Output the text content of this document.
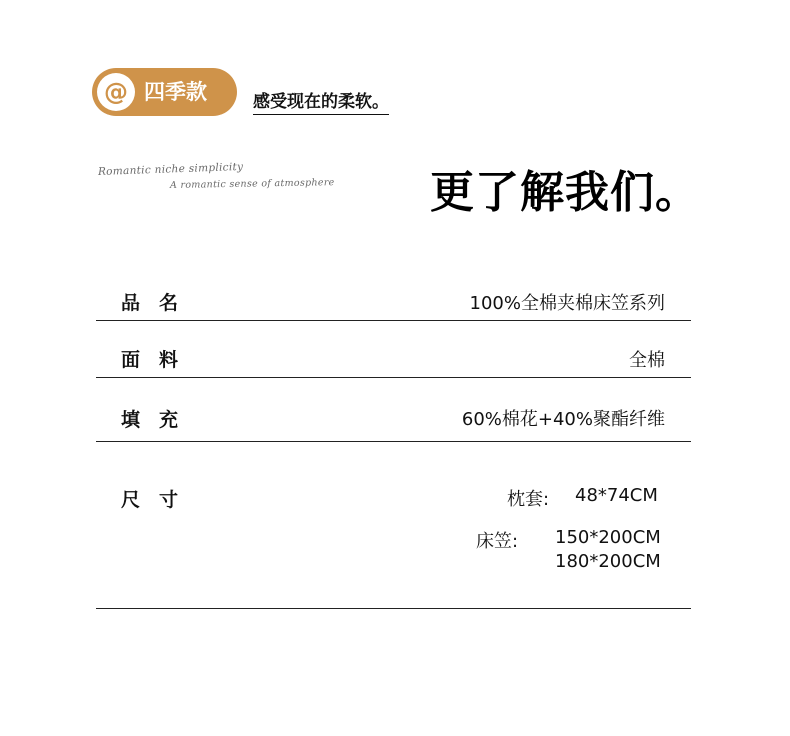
@ 四季款	感受现在的柔软。
Romantic niche simplicity
A romantic sense of atmosphere 更了解我们。
品　名	100%全棉夹棉床笠系列
面　料	全棉
填　充	60%棉花+40%聚酯纤维
尺　寸	枕套: 48*74CM
床笠: 150*200CM
180*200CM
